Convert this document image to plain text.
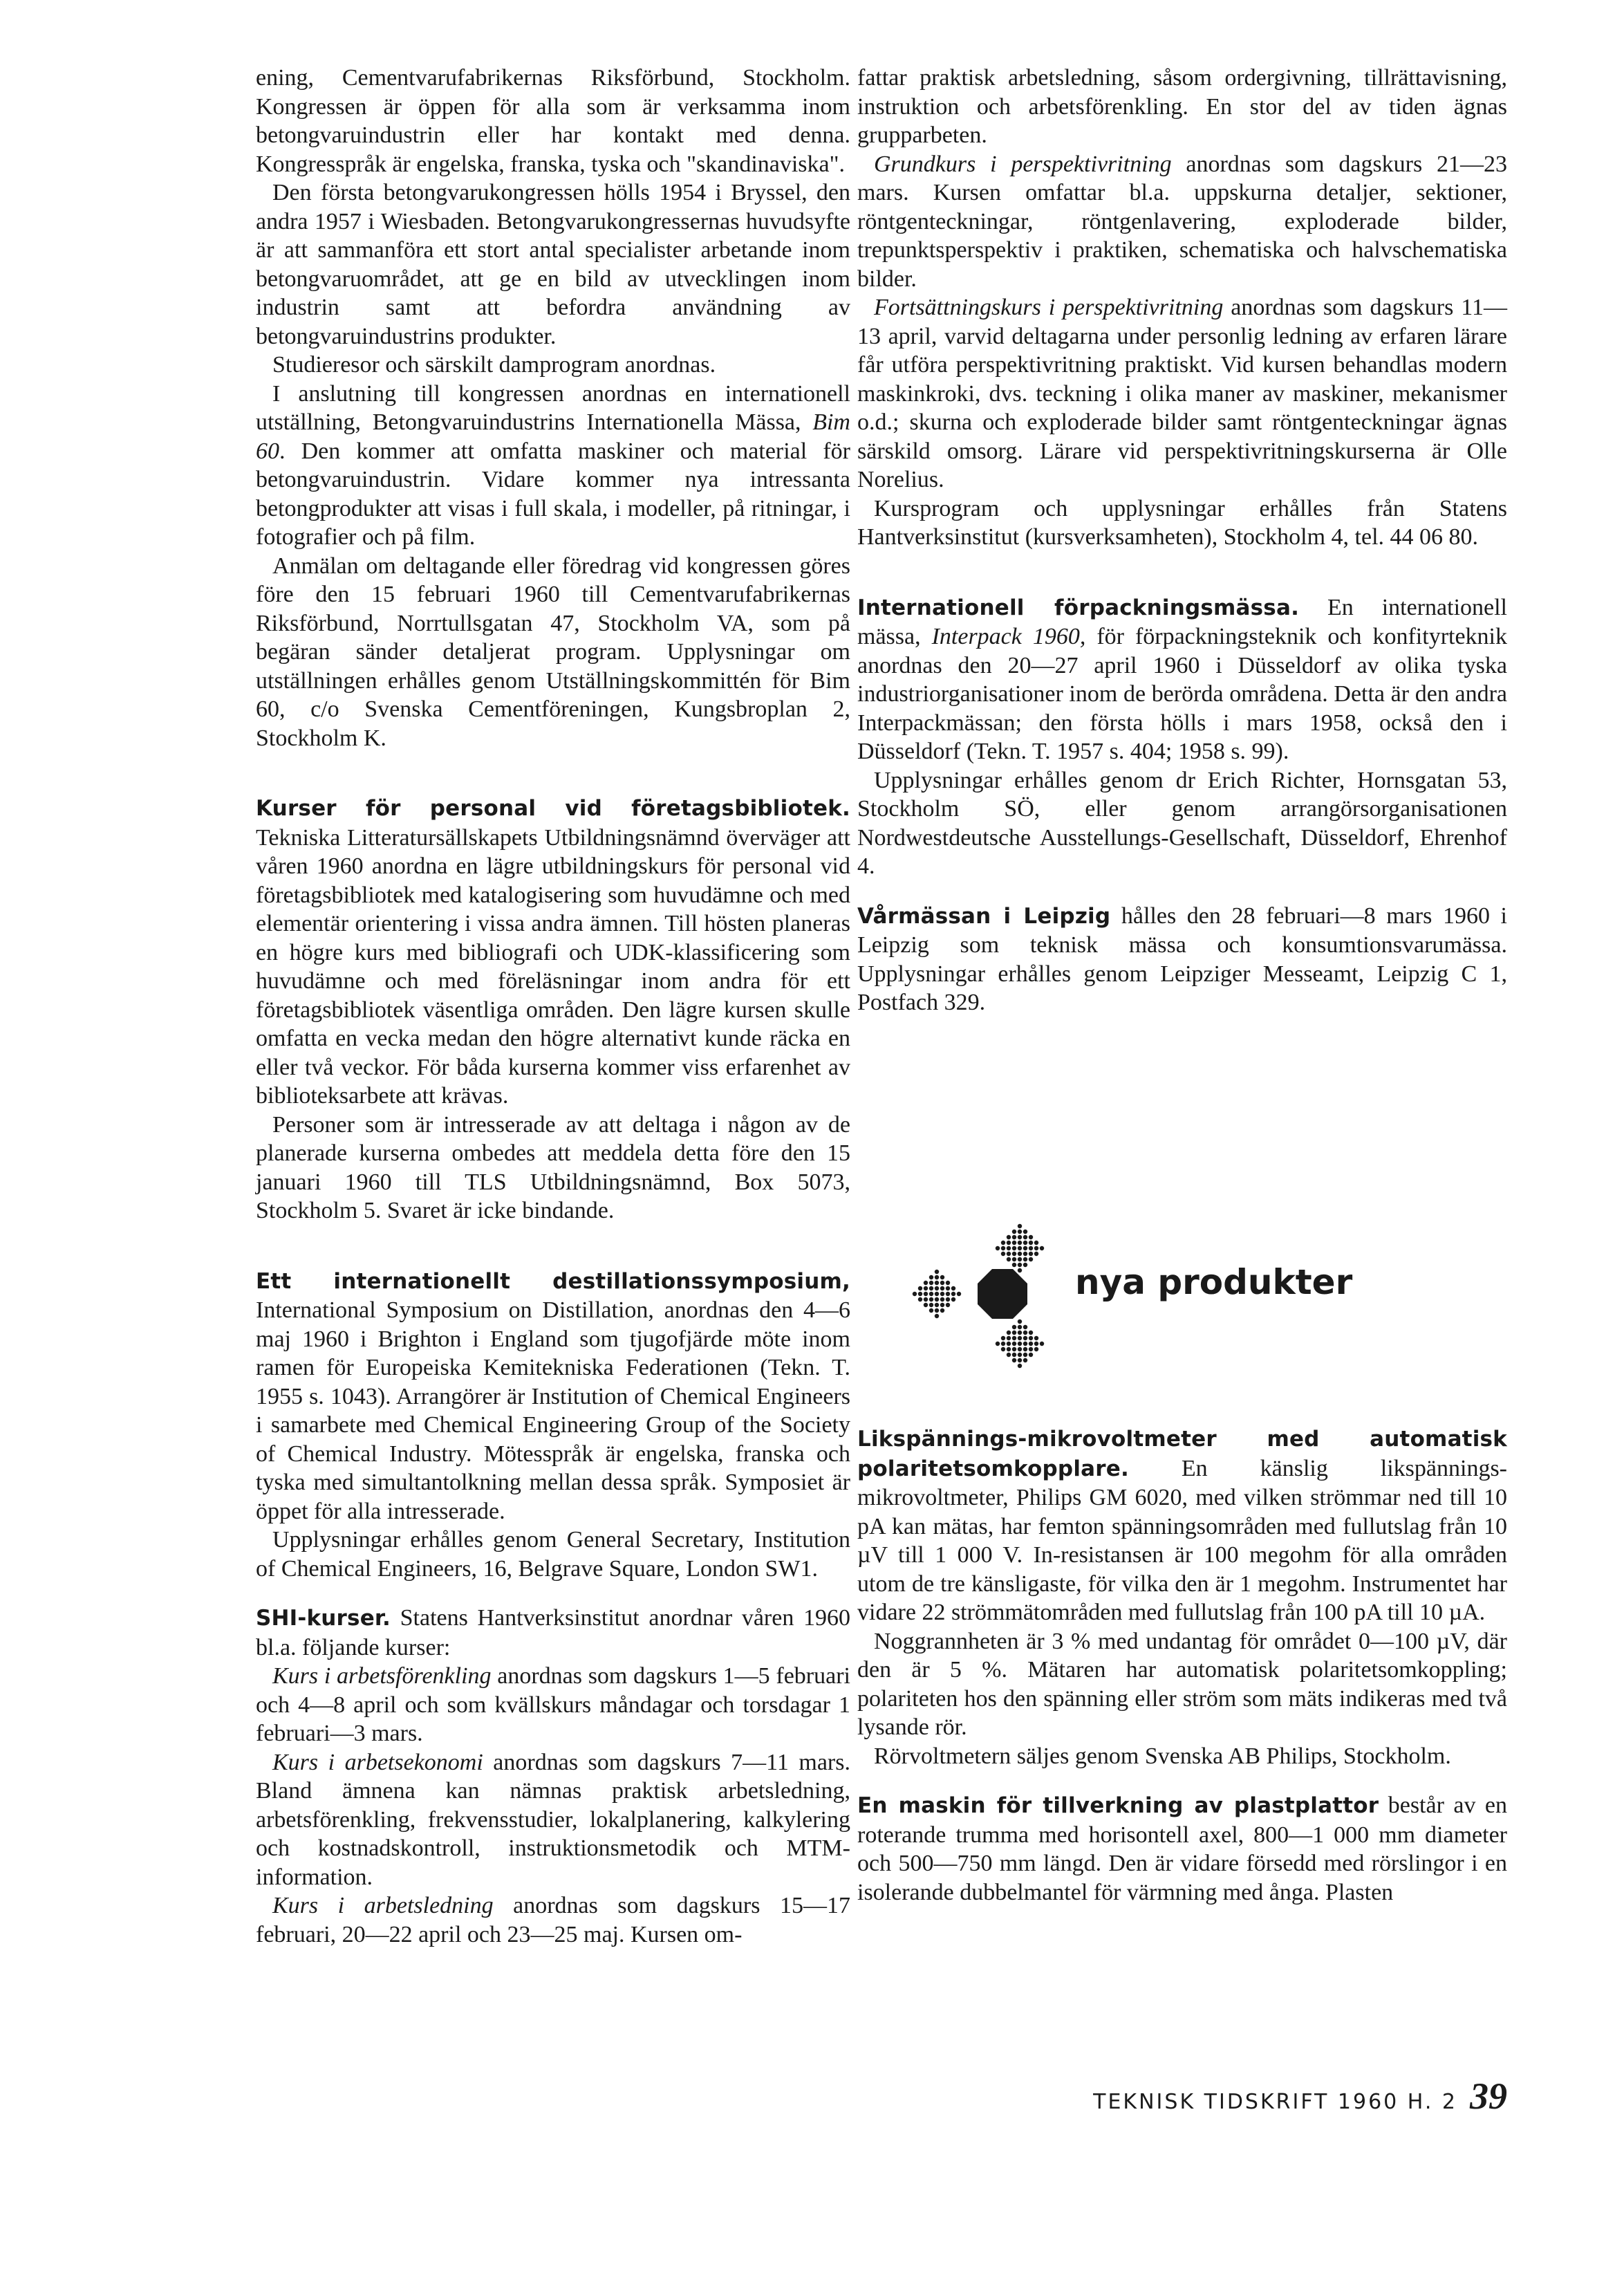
ening, Cementvarufabrikernas Riksförbund, Stockholm. Kongressen är öppen för alla som är verksamma inom betongvaruindustrin eller har kontakt med denna. Kongresspråk är engelska, franska, tyska och "skandinaviska".

Den första betongvarukongressen hölls 1954 i Bryssel, den andra 1957 i Wiesbaden. Betongvarukongressernas huvudsyfte är att sammanföra ett stort antal specialister arbetande inom betongvaruområdet, att ge en bild av utvecklingen inom industrin samt att befordra användning av betongvaruindustrins produkter.

Studieresor och särskilt damprogram anordnas.

I anslutning till kongressen anordnas en internationell utställning, Betongvaruindustrins Internationella Mässa, Bim 60. Den kommer att omfatta maskiner och material för betongvaruindustrin. Vidare kommer nya intressanta betongprodukter att visas i full skala, i modeller, på ritningar, i fotografier och på film.

Anmälan om deltagande eller föredrag vid kongressen göres före den 15 februari 1960 till Cementvarufabrikernas Riksförbund, Norrtullsgatan 47, Stockholm VA, som på begäran sänder detaljerat program. Upplysningar om utställningen erhålles genom Utställningskommittén för Bim 60, c/o Svenska Cementföreningen, Kungsbroplan 2, Stockholm K.

Kurser för personal vid företagsbibliotek. Tekniska Litteratursällskapets Utbildningsnämnd överväger att våren 1960 anordna en lägre utbildningskurs för personal vid företagsbibliotek med katalogisering som huvudämne och med elementär orientering i vissa andra ämnen. Till hösten planeras en högre kurs med bibliografi och UDK-klassificering som huvudämne och med föreläsningar inom andra för ett företagsbibliotek väsentliga områden. Den lägre kursen skulle omfatta en vecka medan den högre alternativt kunde räcka en eller två veckor. För båda kurserna kommer viss erfarenhet av biblioteksarbete att krävas.

Personer som är intresserade av att deltaga i någon av de planerade kurserna ombedes att meddela detta före den 15 januari 1960 till TLS Utbildningsnämnd, Box 5073, Stockholm 5. Svaret är icke bindande.

Ett internationellt destillationssymposium, International Symposium on Distillation, anordnas den 4—6 maj 1960 i Brighton i England som tjugofjärde möte inom ramen för Europeiska Kemitekniska Federationen (Tekn. T. 1955 s. 1043). Arrangörer är Institution of Chemical Engineers i samarbete med Chemical Engineering Group of the Society of Chemical Industry. Mötesspråk är engelska, franska och tyska med simultantolkning mellan dessa språk. Symposiet är öppet för alla intresserade.

Upplysningar erhålles genom General Secretary, Institution of Chemical Engineers, 16, Belgrave Square, London SW1.

SHI-kurser. Statens Hantverksinstitut anordnar våren 1960 bl.a. följande kurser:

Kurs i arbetsförenkling anordnas som dagskurs 1—5 februari och 4—8 april och som kvällskurs måndagar och torsdagar 1 februari—3 mars.

Kurs i arbetsekonomi anordnas som dagskurs 7—11 mars. Bland ämnena kan nämnas praktisk arbetsledning, arbetsförenkling, frekvensstudier, lokalplanering, kalkylering och kostnadskontroll, instruktionsmetodik och MTM-information.

Kurs i arbetsledning anordnas som dagskurs 15—17 februari, 20—22 april och 23—25 maj. Kursen om-

fattar praktisk arbetsledning, såsom ordergivning, tillrättavisning, instruktion och arbetsförenkling. En stor del av tiden ägnas grupparbeten.

Grundkurs i perspektivritning anordnas som dagskurs 21—23 mars. Kursen omfattar bl.a. uppskurna detaljer, sektioner, röntgenteckningar, röntgenlavering, exploderade bilder, trepunktsperspektiv i praktiken, schematiska och halvschematiska bilder.

Fortsättningskurs i perspektivritning anordnas som dagskurs 11—13 april, varvid deltagarna under personlig ledning av erfaren lärare får utföra perspektivritning praktiskt. Vid kursen behandlas modern maskinkroki, dvs. teckning i olika maner av maskiner, mekanismer o.d.; skurna och exploderade bilder samt röntgenteckningar ägnas särskild omsorg. Lärare vid perspektivritningskurserna är Olle Norelius.

Kursprogram och upplysningar erhålles från Statens Hantverksinstitut (kursverksamheten), Stockholm 4, tel. 44 06 80.

Internationell förpackningsmässa. En internationell mässa, Interpack 1960, för förpackningsteknik och konfityrteknik anordnas den 20—27 april 1960 i Düsseldorf av olika tyska industriorganisationer inom de berörda områdena. Detta är den andra Interpackmässan; den första hölls i mars 1958, också den i Düsseldorf (Tekn. T. 1957 s. 404; 1958 s. 99).

Upplysningar erhålles genom dr Erich Richter, Hornsgatan 53, Stockholm SÖ, eller genom arrangörsorganisationen Nordwestdeutsche Ausstellungs-Gesellschaft, Düsseldorf, Ehrenhof 4.

Vårmässan i Leipzig hålles den 28 februari—8 mars 1960 i Leipzig som teknisk mässa och konsumtionsvarumässa. Upplysningar erhålles genom Leipziger Messeamt, Leipzig C 1, Postfach 329.

nya produkter

Likspännings-mikrovoltmeter med automatisk polaritetsomkopplare. En känslig likspännings-mikrovoltmeter, Philips GM 6020, med vilken strömmar ned till 10 pA kan mätas, har femton spänningsområden med fullutslag från 10 µV till 1 000 V. In-resistansen är 100 megohm för alla områden utom de tre känsligaste, för vilka den är 1 megohm. Instrumentet har vidare 22 strömmätområden med fullutslag från 100 pA till 10 µA.

Noggrannheten är 3 % med undantag för området 0—100 µV, där den är 5 %. Mätaren har automatisk polaritetsomkoppling; polariteten hos den spänning eller ström som mäts indikeras med två lysande rör.

Rörvoltmetern säljes genom Svenska AB Philips, Stockholm.

En maskin för tillverkning av plastplattor består av en roterande trumma med horisontell axel, 800—1 000 mm diameter och 500—750 mm längd. Den är vidare försedd med rörslingor i en isolerande dubbelmantel för värmning med ånga. Plasten

TEKNISK TIDSKRIFT 1960 H. 2 39
